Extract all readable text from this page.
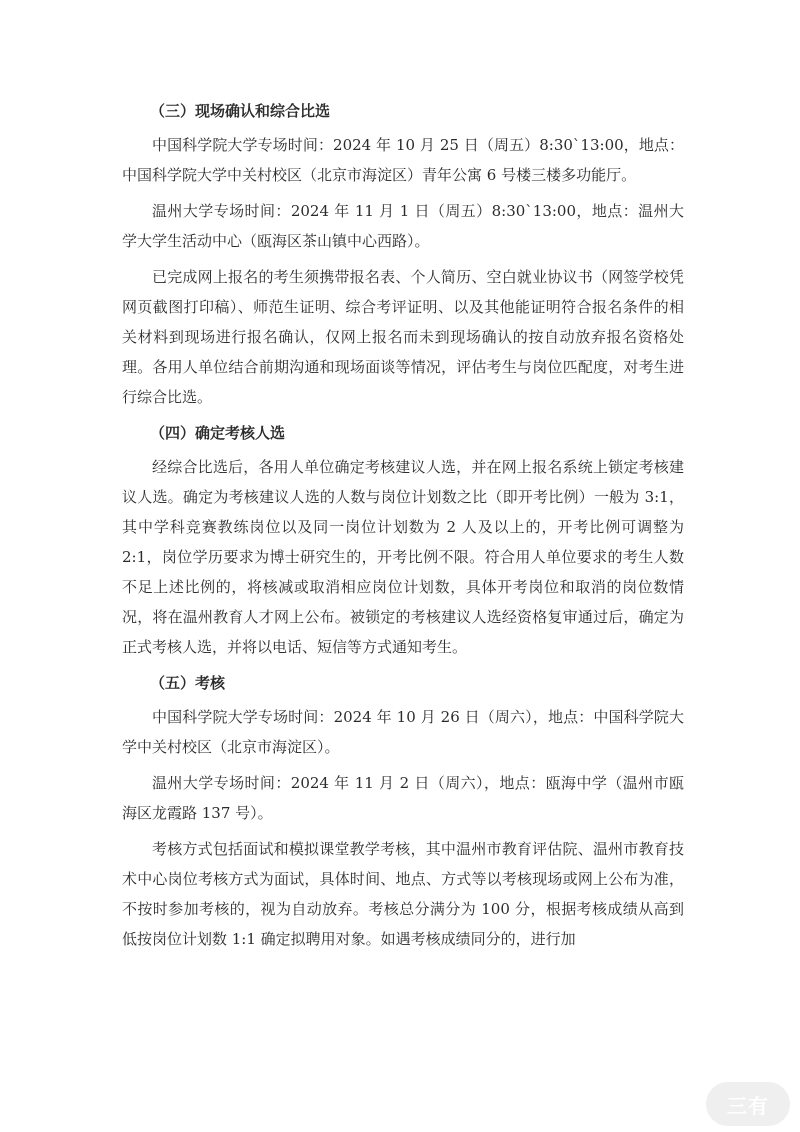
（三）现场确认和综合比选

中国科学院大学专场时间：2024 年 10 月 25 日（周五）8:30`13:00，地点：中国科学院大学中关村校区（北京市海淀区）青年公寓 6 号楼三楼多功能厅。

温州大学专场时间：2024 年 11 月 1 日（周五）8:30`13:00，地点：温州大学大学生活动中心（瓯海区茶山镇中心西路）。

已完成网上报名的考生须携带报名表、个人简历、空白就业协议书（网签学校凭网页截图打印稿）、师范生证明、综合考评证明、以及其他能证明符合报名条件的相关材料到现场进行报名确认，仅网上报名而未到现场确认的按自动放弃报名资格处理。各用人单位结合前期沟通和现场面谈等情况，评估考生与岗位匹配度，对考生进行综合比选。

（四）确定考核人选

经综合比选后，各用人单位确定考核建议人选，并在网上报名系统上锁定考核建议人选。确定为考核建议人选的人数与岗位计划数之比（即开考比例）一般为 3:1，其中学科竞赛教练岗位以及同一岗位计划数为 2 人及以上的，开考比例可调整为 2:1，岗位学历要求为博士研究生的，开考比例不限。符合用人单位要求的考生人数不足上述比例的，将核减或取消相应岗位计划数，具体开考岗位和取消的岗位数情况，将在温州教育人才网上公布。被锁定的考核建议人选经资格复审通过后，确定为正式考核人选，并将以电话、短信等方式通知考生。

（五）考核

中国科学院大学专场时间：2024 年 10 月 26 日（周六），地点：中国科学院大学中关村校区（北京市海淀区）。

温州大学专场时间：2024 年 11 月 2 日（周六），地点：瓯海中学（温州市瓯海区龙霞路 137 号）。

考核方式包括面试和模拟课堂教学考核，其中温州市教育评估院、温州市教育技术中心岗位考核方式为面试，具体时间、地点、方式等以考核现场或网上公布为准，不按时参加考核的，视为自动放弃。考核总分满分为 100 分，根据考核成绩从高到低按岗位计划数 1:1 确定拟聘用对象。如遇考核成绩同分的，进行加

三有
